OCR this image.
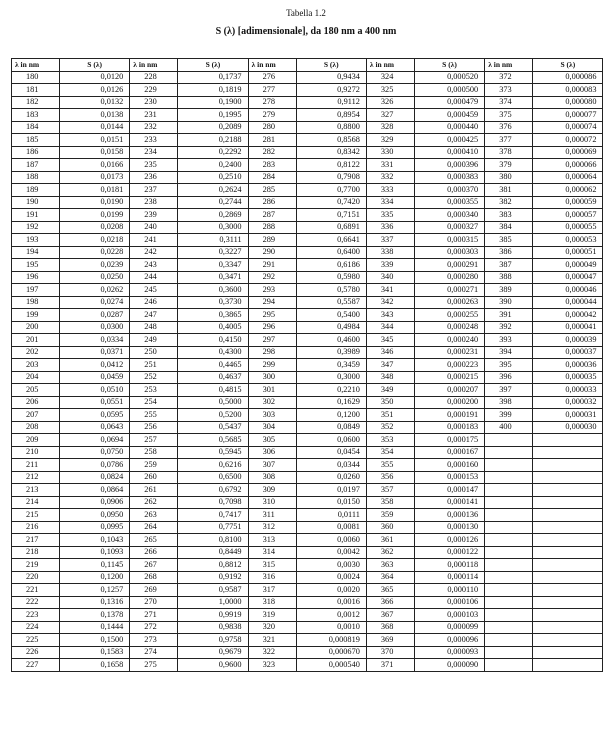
Tabella 1.2
S (λ) [adimensionale], da 180 nm a 400 nm
λ in nm	S (λ)	λ in nm	S (λ)	λ in nm	S (λ)	λ in nm	S (λ)	λ in nm	S (λ)
180	0,0120	228	0,1737	276	0,9434	324	0,000520	372	0,000086
181	0,0126	229	0,1819	277	0,9272	325	0,000500	373	0,000083
182	0,0132	230	0,1900	278	0,9112	326	0,000479	374	0,000080
183	0,0138	231	0,1995	279	0,8954	327	0,000459	375	0,000077
184	0,0144	232	0,2089	280	0,8800	328	0,000440	376	0,000074
185	0,0151	233	0,2188	281	0,8568	329	0,000425	377	0,000072
186	0,0158	234	0,2292	282	0,8342	330	0,000410	378	0,000069
187	0,0166	235	0,2400	283	0,8122	331	0,000396	379	0,000066
188	0,0173	236	0,2510	284	0,7908	332	0,000383	380	0,000064
189	0,0181	237	0,2624	285	0,7700	333	0,000370	381	0,000062
190	0,0190	238	0,2744	286	0,7420	334	0,000355	382	0,000059
191	0,0199	239	0,2869	287	0,7151	335	0,000340	383	0,000057
192	0,0208	240	0,3000	288	0,6891	336	0,000327	384	0,000055
193	0,0218	241	0,3111	289	0,6641	337	0,000315	385	0,000053
194	0,0228	242	0,3227	290	0,6400	338	0,000303	386	0,000051
195	0,0239	243	0,3347	291	0,6186	339	0,000291	387	0,000049
196	0,0250	244	0,3471	292	0,5980	340	0,000280	388	0,000047
197	0,0262	245	0,3600	293	0,5780	341	0,000271	389	0,000046
198	0,0274	246	0,3730	294	0,5587	342	0,000263	390	0,000044
199	0,0287	247	0,3865	295	0,5400	343	0,000255	391	0,000042
200	0,0300	248	0,4005	296	0,4984	344	0,000248	392	0,000041
201	0,0334	249	0,4150	297	0,4600	345	0,000240	393	0,000039
202	0,0371	250	0,4300	298	0,3989	346	0,000231	394	0,000037
203	0,0412	251	0,4465	299	0,3459	347	0,000223	395	0,000036
204	0,0459	252	0,4637	300	0,3000	348	0,000215	396	0,000035
205	0,0510	253	0,4815	301	0,2210	349	0,000207	397	0,000033
206	0,0551	254	0,5000	302	0,1629	350	0,000200	398	0,000032
207	0,0595	255	0,5200	303	0,1200	351	0,000191	399	0,000031
208	0,0643	256	0,5437	304	0,0849	352	0,000183	400	0,000030
209	0,0694	257	0,5685	305	0,0600	353	0,000175		
210	0,0750	258	0,5945	306	0,0454	354	0,000167		
211	0,0786	259	0,6216	307	0,0344	355	0,000160		
212	0,0824	260	0,6500	308	0,0260	356	0,000153		
213	0,0864	261	0,6792	309	0,0197	357	0,000147		
214	0,0906	262	0,7098	310	0,0150	358	0,000141		
215	0,0950	263	0,7417	311	0,0111	359	0,000136		
216	0,0995	264	0,7751	312	0,0081	360	0,000130		
217	0,1043	265	0,8100	313	0,0060	361	0,000126		
218	0,1093	266	0,8449	314	0,0042	362	0,000122		
219	0,1145	267	0,8812	315	0,0030	363	0,000118		
220	0,1200	268	0,9192	316	0,0024	364	0,000114		
221	0,1257	269	0,9587	317	0,0020	365	0,000110		
222	0,1316	270	1,0000	318	0,0016	366	0,000106		
223	0,1378	271	0,9919	319	0,0012	367	0,000103		
224	0,1444	272	0,9838	320	0,0010	368	0,000099		
225	0,1500	273	0,9758	321	0,000819	369	0,000096		
226	0,1583	274	0,9679	322	0,000670	370	0,000093		
227	0,1658	275	0,9600	323	0,000540	371	0,000090		
